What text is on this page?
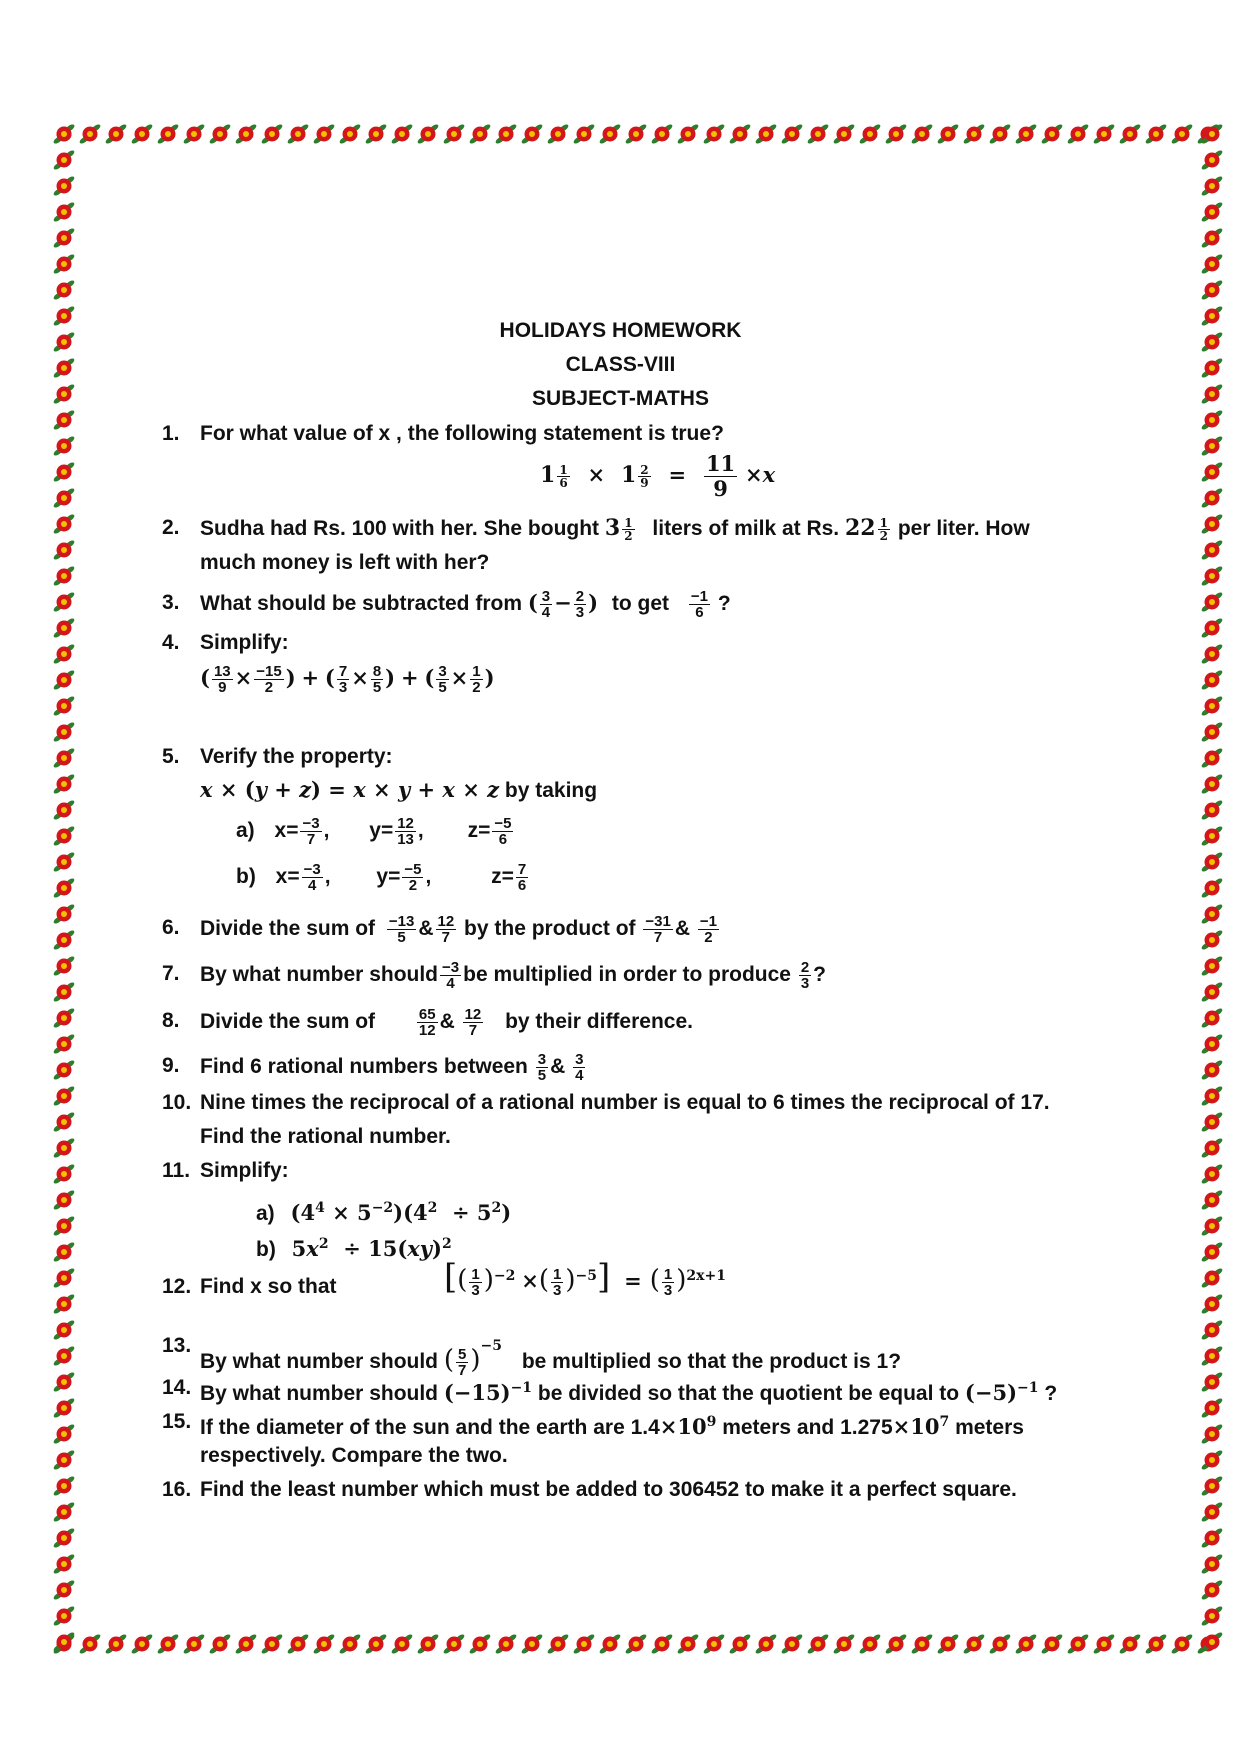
HOLIDAYS HOMEWORK
CLASS-VIII
SUBJECT-MATHS
1. For what value of x , the following statement is true?
$1 \frac{1}{6} \times 1 \frac{2}{9} = \frac{11}{9} \times x$
2. Sudha had Rs. 100 with her. She bought $3 \frac{1}{2}$ liters of milk at Rs. $22 \frac{1}{2}$ per liter. How
much money is left with her?
3. What should be subtracted from ( $\frac{3}{4} - \frac{2}{3}$ ) to get $\frac{-1}{6}$ ?
4. Simplify:
( $\frac{13}{9} \times \frac{-15}{2}$ ) + ( $\frac{7}{3} \times \frac{8}{5}$ ) + ( $\frac{3}{5} \times \frac{1}{2}$ )
5. Verify the property:
x × (y + z) = x × y + x × z by taking
a) $x= \frac{-3}{7}$ , $y= \frac{12}{13}$ , $z= \frac{-5}{6}$
b) $x= \frac{-3}{4}$ , $y= \frac{-5}{2}$ ,	$z= \frac{7}{6}$
6. Divide the sum of $\frac{-13}{5}$ & $\frac{12}{7}$ by the product of $\frac{-31}{7}$ & $\frac{-1}{2}$
7. By what number should $\frac{-3}{4}$ be multiplied in order to produce $\frac{2}{3}$ ?
8. Divide the sum of	$\frac{65}{12}$ & $\frac{12}{7}$ by their difference.
9. Find 6 rational numbers between $\frac{3}{5}$ & $\frac{3}{4}$
10. Nine times the reciprocal of a rational number is equal to 6 times the reciprocal of 17.
Find the rational number.
11. Simplify:
a) $(4^4 \times 5^{-2})(4^2 \div 5^2)$
b) $5x^2 \div 15(xy)^2$
12. Find x so that	[( $\frac{1}{3} )^{-2}$ ×( $\frac{1}{3} )^{-5}$] = ( $\frac{1}{3} )^{2x+1}$
13.
By what number should ( $\frac{5}{7} )^{-5}$ be multiplied so that the product is 1?
14. By what number should $(-15)^{-1}$ be divided so that the quotient be equal to $(-5)^{-1}$ ?
15. If the diameter of the sun and the earth are $1.4\times 10^9$ meters and $1.275\times 10^7$ meters
respectively. Compare the two.
16. Find the least number which must be added to 306452 to make it a perfect square.
